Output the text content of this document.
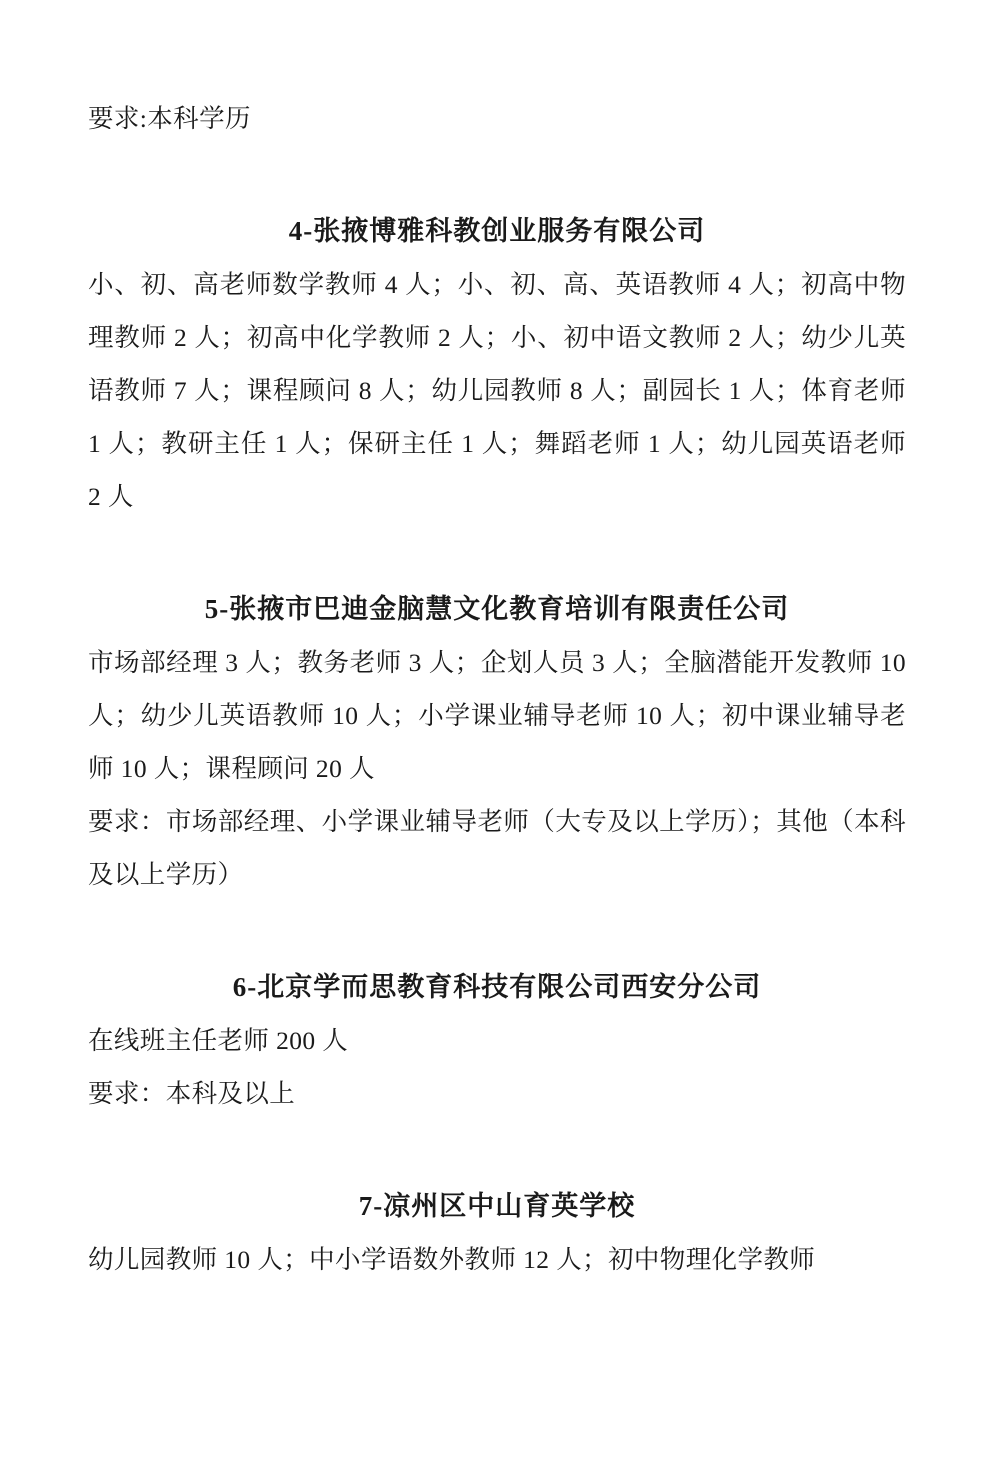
要求:本科学历

4-张掖博雅科教创业服务有限公司

小、初、高老师数学教师 4 人；小、初、高、英语教师 4 人；初高中物理教师 2 人；初高中化学教师 2 人；小、初中语文教师 2 人；幼少儿英语教师 7 人；课程顾问 8 人；幼儿园教师 8 人；副园长 1 人；体育老师 1 人；教研主任 1 人；保研主任 1 人；舞蹈老师 1 人；幼儿园英语老师 2 人

5-张掖市巴迪金脑慧文化教育培训有限责任公司

市场部经理 3 人；教务老师 3 人；企划人员 3 人；全脑潜能开发教师 10 人；幼少儿英语教师 10 人；小学课业辅导老师 10 人；初中课业辅导老师 10 人；课程顾问 20 人

要求：市场部经理、小学课业辅导老师（大专及以上学历）；其他（本科及以上学历）

6-北京学而思教育科技有限公司西安分公司

在线班主任老师 200 人

要求：本科及以上

7-凉州区中山育英学校

幼儿园教师 10 人；中小学语数外教师 12 人；初中物理化学教师
